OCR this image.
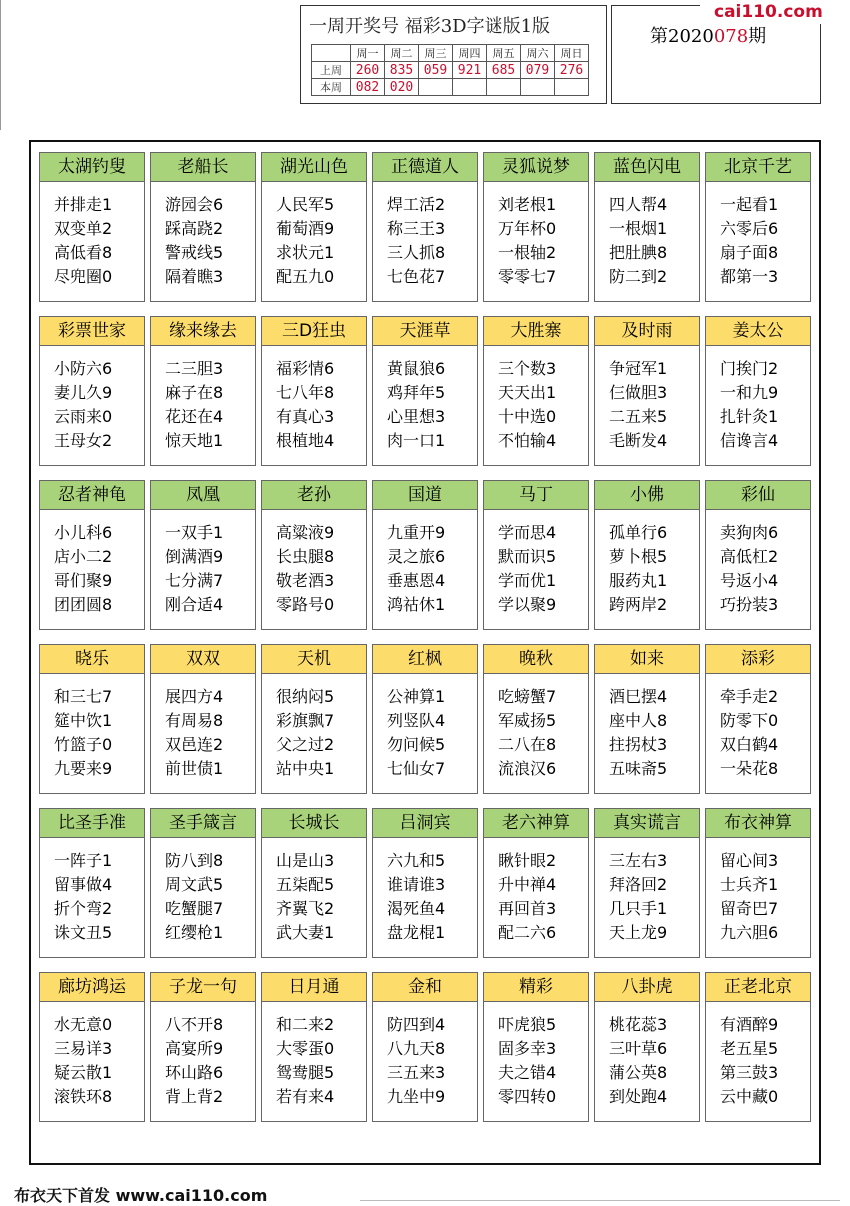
一周开奖号 福彩3D字谜版1版
	周一	周二	周三	周四	周五	周六	周日
上周	260	835	059	921	685	079	276
本周	082	020					
第2020078期
cai110.com
太湖钓叟
并排走1
双变单2
高低看8
尽兜圈0
老船长
游园会6
踩高跷2
警戒线5
隔着瞧3
湖光山色
人民军5
葡萄酒9
求状元1
配五九0
正德道人
焊工活2
称三王3
三人抓8
七色花7
灵狐说梦
刘老根1
万年杯0
一根轴2
零零七7
蓝色闪电
四人帮4
一根烟1
把肚腆8
防二到2
北京千艺
一起看1
六零后6
扇子面8
都第一3
彩票世家
小防六6
妻儿久9
云雨来0
王母女2
缘来缘去
二三胆3
麻子在8
花还在4
惊天地1
三D狂虫
福彩情6
七八年8
有真心3
根植地4
天涯草
黄鼠狼6
鸡拜年5
心里想3
肉一口1
大胜寨
三个数3
天天出1
十中选0
不怕输4
及时雨
争冠军1
仨做胆3
二五来5
毛断发4
姜太公
门挨门2
一和九9
扎针灸1
信谗言4
忍者神龟
小儿科6
店小二2
哥们聚9
团团圆8
凤凰
一双手1
倒满酒9
七分满7
刚合适4
老孙
高粱液9
长虫腿8
敬老酒3
零路号0
国道
九重开9
灵之旅6
垂惠恩4
鸿祜休1
马丁
学而思4
默而识5
学而优1
学以聚9
小佛
孤单行6
萝卜根5
服药丸1
跨两岸2
彩仙
卖狗肉6
高低杠2
号返小4
巧扮装3
晓乐
和三七7
筵中饮1
竹篮子0
九要来9
双双
展四方4
有周易8
双邑连2
前世债1
天机
很纳闷5
彩旗飘7
父之过2
站中央1
红枫
公神算1
列竖队4
勿问候5
七仙女7
晚秋
吃螃蟹7
军威扬5
二八在8
流浪汉6
如来
酒巳摆4
座中人8
拄拐杖3
五味斋5
添彩
牵手走2
防零下0
双白鹤4
一朵花8
比圣手准
一阵子1
留事做4
折个弯2
诛文丑5
圣手箴言
防八到8
周文武5
吃蟹腿7
红缨枪1
长城长
山是山3
五柒配5
齐翼飞2
武大妻1
吕洞宾
六九和5
谁请谁3
渴死鱼4
盘龙棍1
老六神算
瞅针眼2
升中禅4
再回首3
配二六6
真实谎言
三左右3
拜洛回2
几只手1
天上龙9
布衣神算
留心间3
士兵齐1
留奇巴7
九六胆6
廊坊鸿运
水无意0
三易详3
疑云散1
滚铁环8
子龙一句
八不开8
高宴所9
环山路6
背上背2
日月通
和二来2
大零蛋0
鸳鸯腿5
若有来4
金和
防四到4
八九天8
三五来3
九坐中9
精彩
吓虎狼5
固多幸3
夫之错4
零四转0
八卦虎
桃花蕊3
三叶草6
蒲公英8
到处跑4
正老北京
有酒醉9
老五星5
第三鼓3
云中藏0
布衣天下首发 www.cai110.com
